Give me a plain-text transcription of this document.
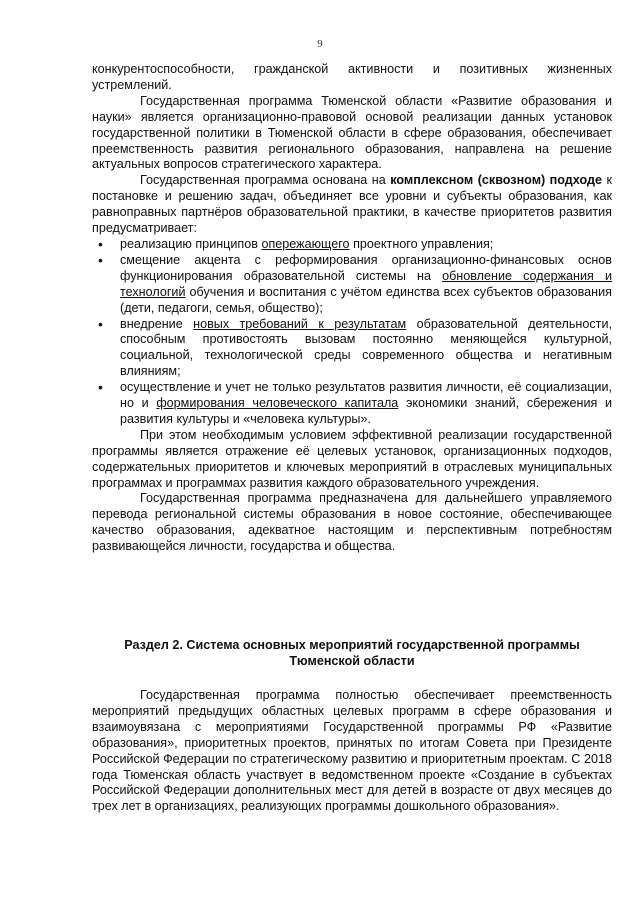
9

конкурентоспособности, гражданской активности и позитивных жизненных устремлений.

Государственная программа Тюменской области «Развитие образования и науки» является организационно-правовой основой реализации данных установок государственной политики в Тюменской области в сфере образования, обеспечивает преемственность развития регионального образования, направлена на решение актуальных вопросов стратегического характера.

Государственная программа основана на комплексном (сквозном) подходе к постановке и решению задач, объединяет все уровни и субъекты образования, как равноправных партнёров образовательной практики, в качестве приоритетов развития предусматривает:

• реализацию принципов опережающего проектного управления;
• смещение акцента с реформирования организационно-финансовых основ функционирования образовательной системы на обновление содержания и технологий обучения и воспитания с учётом единства всех субъектов образования (дети, педагоги, семья, общество);
• внедрение новых требований к результатам образовательной деятельности, способным противостоять вызовам постоянно меняющейся культурной, социальной, технологической среды современного общества и негативным влияниям;
• осуществление и учет не только результатов развития личности, её социализации, но и формирования человеческого капитала экономики знаний, сбережения и развития культуры и «человека культуры».

При этом необходимым условием эффективной реализации государственной программы является отражение её целевых установок, организационных подходов, содержательных приоритетов и ключевых мероприятий в отраслевых муниципальных программах и программах развития каждого образовательного учреждения.

Государственная программа предназначена для дальнейшего управляемого перевода региональной системы образования в новое состояние, обеспечивающее качество образования, адекватное настоящим и перспективным потребностям развивающейся личности, государства и общества.

Раздел 2. Система основных мероприятий государственной программы Тюменской области

Государственная программа полностью обеспечивает преемственность мероприятий предыдущих областных целевых программ в сфере образования и взаимоувязана с мероприятиями Государственной программы РФ «Развитие образования», приоритетных проектов, принятых по итогам Совета при Президенте Российской Федерации по стратегическому развитию и приоритетным проектам. С 2018 года Тюменская область участвует в ведомственном проекте «Создание в субъектах Российской Федерации дополнительных мест для детей в возрасте от двух месяцев до трех лет в организациях, реализующих программы дошкольного образования».
